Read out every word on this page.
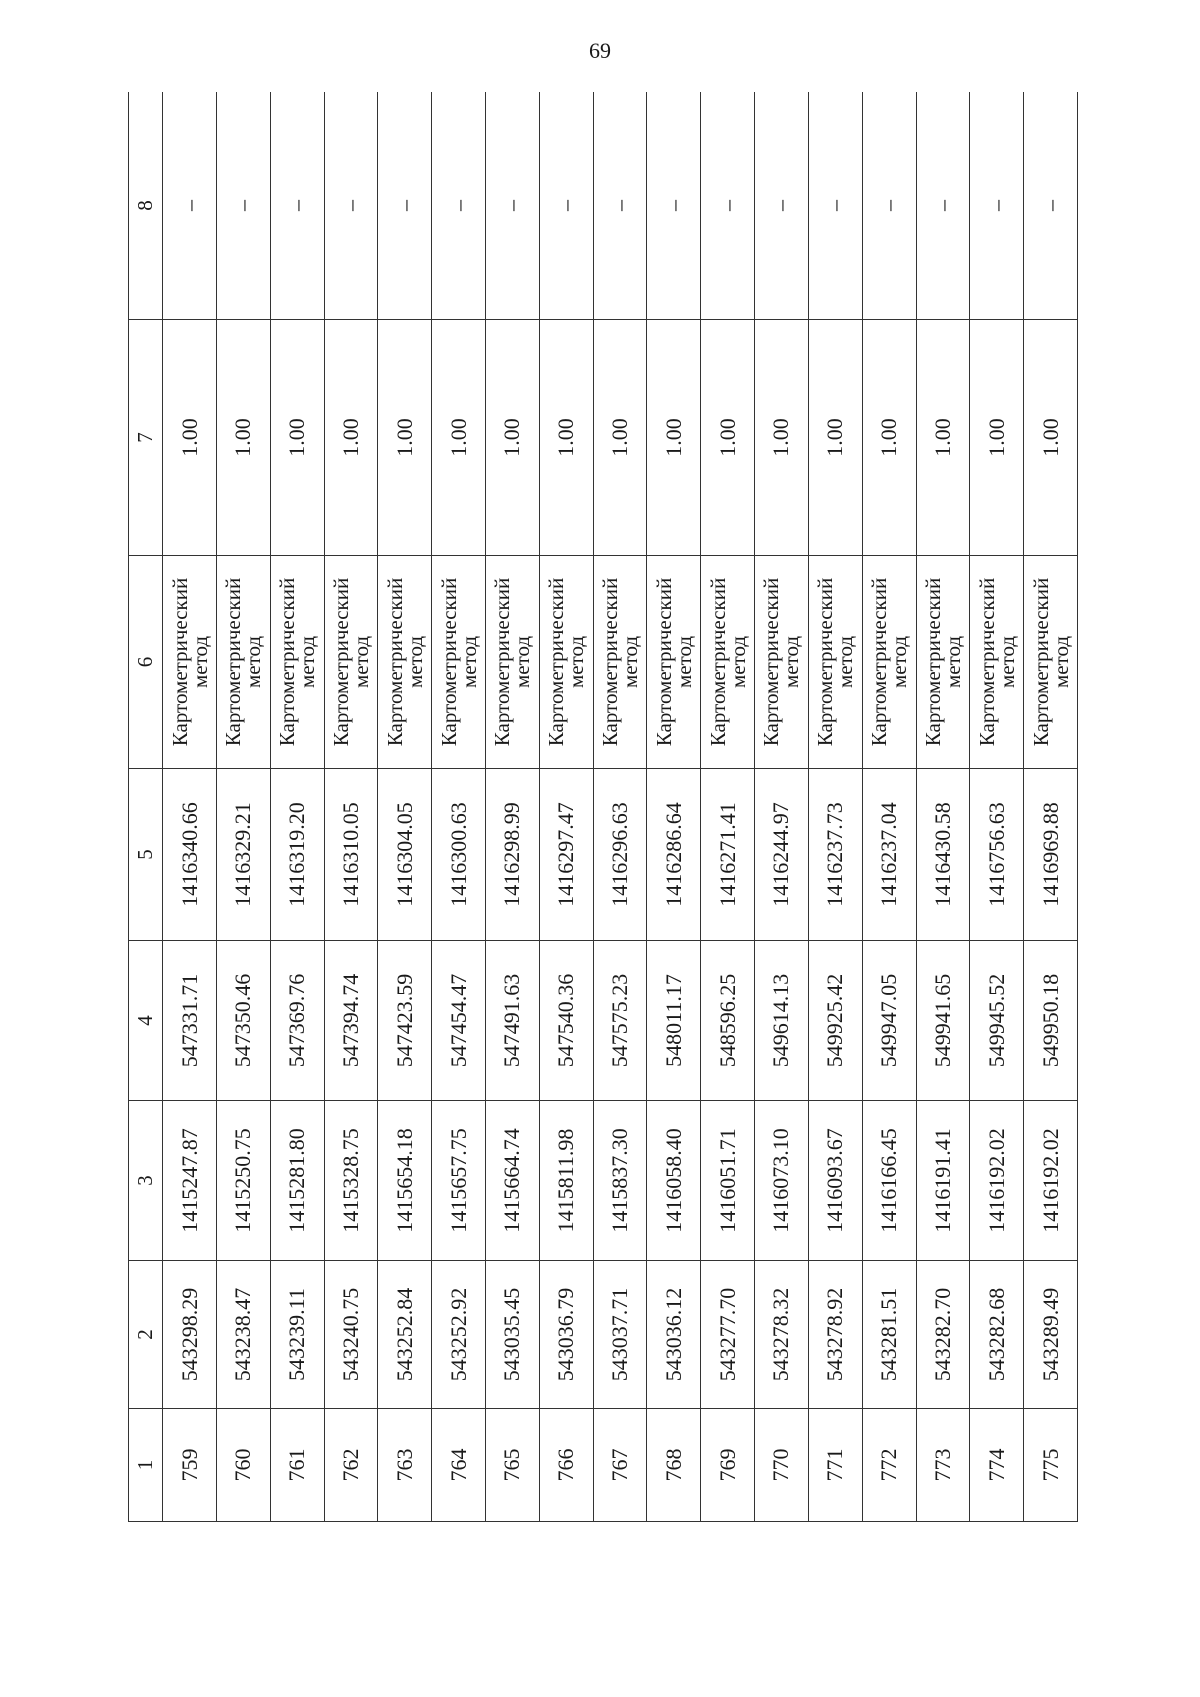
69
1	2	3	4	5	6	7	8
759	543298.29	1415247.87	547331.71	1416340.66	Картометрический
метод	1.00	–
760	543238.47	1415250.75	547350.46	1416329.21	Картометрический
метод	1.00	–
761	543239.11	1415281.80	547369.76	1416319.20	Картометрический
метод	1.00	–
762	543240.75	1415328.75	547394.74	1416310.05	Картометрический
метод	1.00	–
763	543252.84	1415654.18	547423.59	1416304.05	Картометрический
метод	1.00	–
764	543252.92	1415657.75	547454.47	1416300.63	Картометрический
метод	1.00	–
765	543035.45	1415664.74	547491.63	1416298.99	Картометрический
метод	1.00	–
766	543036.79	1415811.98	547540.36	1416297.47	Картометрический
метод	1.00	–
767	543037.71	1415837.30	547575.23	1416296.63	Картометрический
метод	1.00	–
768	543036.12	1416058.40	548011.17	1416286.64	Картометрический
метод	1.00	–
769	543277.70	1416051.71	548596.25	1416271.41	Картометрический
метод	1.00	–
770	543278.32	1416073.10	549614.13	1416244.97	Картометрический
метод	1.00	–
771	543278.92	1416093.67	549925.42	1416237.73	Картометрический
метод	1.00	–
772	543281.51	1416166.45	549947.05	1416237.04	Картометрический
метод	1.00	–
773	543282.70	1416191.41	549941.65	1416430.58	Картометрический
метод	1.00	–
774	543282.68	1416192.02	549945.52	1416756.63	Картометрический
метод	1.00	–
775	543289.49	1416192.02	549950.18	1416969.88	Картометрический
метод	1.00	–
